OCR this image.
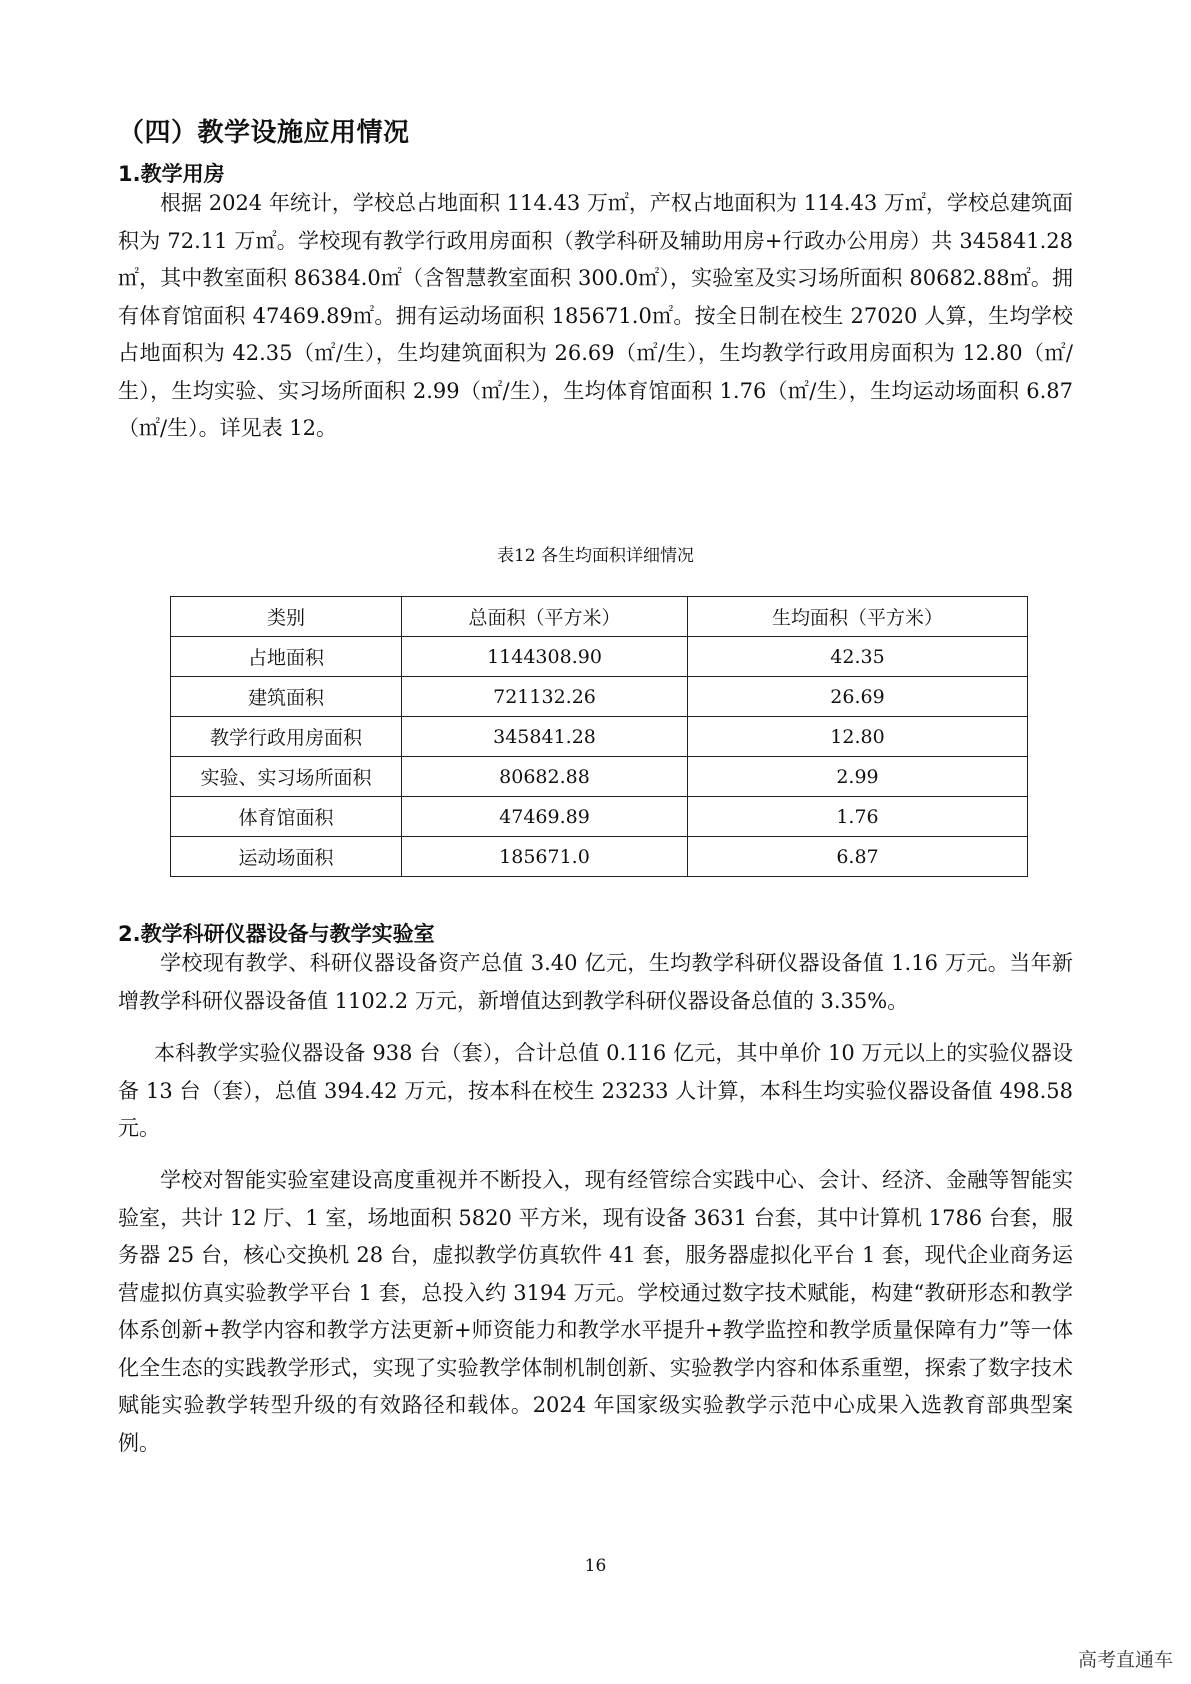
（四）教学设施应用情况
1.教学用房

根据 2024 年统计，学校总占地面积 114.43 万㎡，产权占地面积为 114.43 万㎡，学校总建筑面积为 72.11 万㎡。学校现有教学行政用房面积（教学科研及辅助用房+行政办公用房）共 345841.28㎡，其中教室面积 86384.0㎡（含智慧教室面积 300.0㎡），实验室及实习场所面积 80682.88㎡。拥有体育馆面积 47469.89㎡。拥有运动场面积 185671.0㎡。按全日制在校生 27020 人算，生均学校占地面积为 42.35（㎡/生），生均建筑面积为 26.69（㎡/生），生均教学行政用房面积为 12.80（㎡/生），生均实验、实习场所面积 2.99（㎡/生），生均体育馆面积 1.76（㎡/生），生均运动场面积 6.87（㎡/生）。详见表 12。

表12 各生均面积详细情况

类别	总面积（平方米）	生均面积（平方米）
占地面积	1144308.90	42.35
建筑面积	721132.26	26.69
教学行政用房面积	345841.28	12.80
实验、实习场所面积	80682.88	2.99
体育馆面积	47469.89	1.76
运动场面积	185671.0	6.87
2.教学科研仪器设备与教学实验室

学校现有教学、科研仪器设备资产总值 3.40 亿元，生均教学科研仪器设备值 1.16 万元。当年新增教学科研仪器设备值 1102.2 万元，新增值达到教学科研仪器设备总值的 3.35%。

本科教学实验仪器设备 938 台（套），合计总值 0.116 亿元，其中单价 10 万元以上的实验仪器设备 13 台（套），总值 394.42 万元，按本科在校生 23233 人计算，本科生均实验仪器设备值 498.58 元。

学校对智能实验室建设高度重视并不断投入，现有经管综合实践中心、会计、经济、金融等智能实验室，共计 12 厅、1 室，场地面积 5820 平方米，现有设备 3631 台套，其中计算机 1786 台套，服务器 25 台，核心交换机 28 台，虚拟教学仿真软件 41 套，服务器虚拟化平台 1 套，现代企业商务运营虚拟仿真实验教学平台 1 套，总投入约 3194 万元。学校通过数字技术赋能，构建“教研形态和教学体系创新+教学内容和教学方法更新+师资能力和教学水平提升+教学监控和教学质量保障有力”等一体化全生态的实践教学形式，实现了实验教学体制机制创新、实验教学内容和体系重塑，探索了数字技术赋能实验教学转型升级的有效路径和载体。2024 年国家级实验教学示范中心成果入选教育部典型案例。

16

高考直通车
